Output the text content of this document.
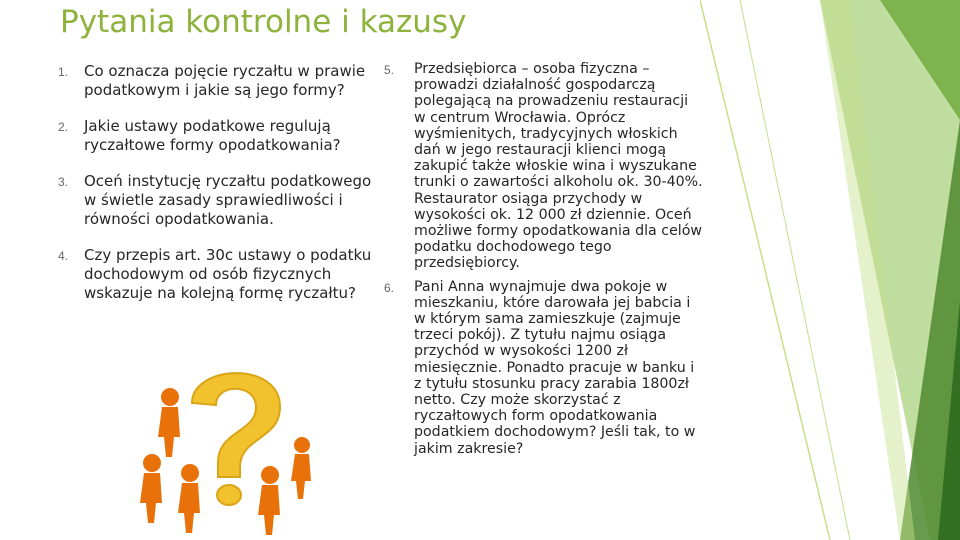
Pytania kontrolne i kazusy
1. Co oznacza pojęcie ryczałtu w prawie podatkowym i jakie są jego formy?
2. Jakie ustawy podatkowe regulują ryczałtowe formy opodatkowania?
3. Oceń instytucję ryczałtu podatkowego w świetle zasady sprawiedliwości i równości opodatkowania.
4. Czy przepis art. 30c ustawy o podatku dochodowym od osób fizycznych wskazuje na kolejną formę ryczałtu?
5. Przedsiębiorca – osoba fizyczna – prowadzi działalność gospodarczą polegającą na prowadzeniu restauracji w centrum Wrocławia. Oprócz wyśmienitych, tradycyjnych włoskich dań w jego restauracji klienci mogą zakupić także włoskie wina i wyszukane trunki o zawartości alkoholu ok. 30-40%. Restaurator osiąga przychody w wysokości ok. 12 000 zł dziennie. Oceń możliwe formy opodatkowania dla celów podatku dochodowego tego przedsiębiorcy.
6. Pani Anna wynajmuje dwa pokoje w mieszkaniu, które darowała jej babcia i w którym sama zamieszkuje (zajmuje trzeci pokój). Z tytułu najmu osiąga przychód w wysokości 1200 zł miesięcznie. Ponadto pracuje w banku i z tytułu stosunku pracy zarabia 1800zł netto. Czy może skorzystać z ryczałtowych form opodatkowania podatkiem dochodowym? Jeśli tak, to w jakim zakresie?
